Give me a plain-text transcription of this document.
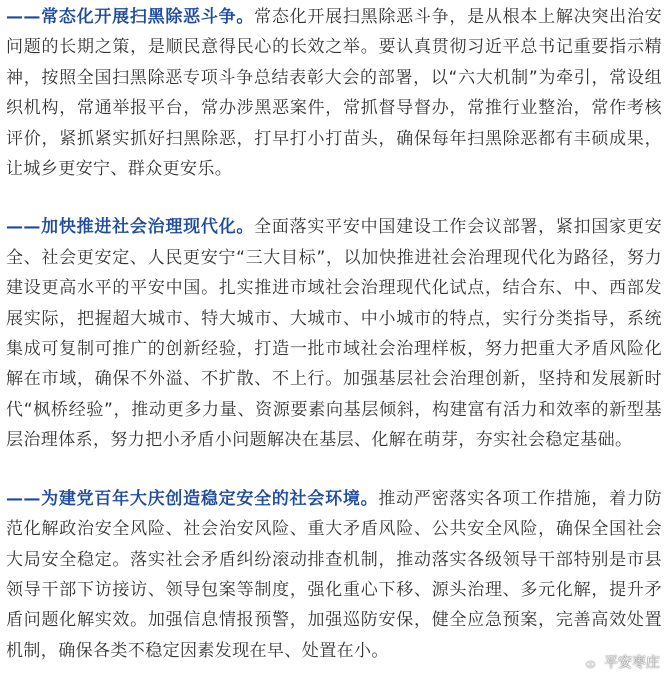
——常态化开展扫黑除恶斗争。常态化开展扫黑除恶斗争，是从根本上解决突出治安问题的长期之策，是顺民意得民心的长效之举。要认真贯彻习近平总书记重要指示精神，按照全国扫黑除恶专项斗争总结表彰大会的部署，以“六大机制”为牵引，常设组织机构，常通举报平台，常办涉黑恶案件，常抓督导督办，常推行业整治，常作考核评价，紧抓紧实抓好扫黑除恶，打早打小打苗头，确保每年扫黑除恶都有丰硕成果，让城乡更安宁、群众更安乐。

——加快推进社会治理现代化。全面落实平安中国建设工作会议部署，紧扣国家更安全、社会更安定、人民更安宁“三大目标”，以加快推进社会治理现代化为路径，努力建设更高水平的平安中国。扎实推进市域社会治理现代化试点，结合东、中、西部发展实际，把握超大城市、特大城市、大城市、中小城市的特点，实行分类指导，系统集成可复制可推广的创新经验，打造一批市域社会治理样板，努力把重大矛盾风险化解在市域，确保不外溢、不扩散、不上行。加强基层社会治理创新，坚持和发展新时代“枫桥经验”，推动更多力量、资源要素向基层倾斜，构建富有活力和效率的新型基层治理体系，努力把小矛盾小问题解决在基层、化解在萌芽，夯实社会稳定基础。

——为建党百年大庆创造稳定安全的社会环境。推动严密落实各项工作措施，着力防范化解政治安全风险、社会治安风险、重大矛盾风险、公共安全风险，确保全国社会大局安全稳定。落实社会矛盾纠纷滚动排查机制，推动落实各级领导干部特别是市县领导干部下访接访、领导包案等制度，强化重心下移、源头治理、多元化解，提升矛盾问题化解实效。加强信息情报预警，加强巡防安保，健全应急预案，完善高效处置机制，确保各类不稳定因素发现在早、处置在小。

平安枣庄
